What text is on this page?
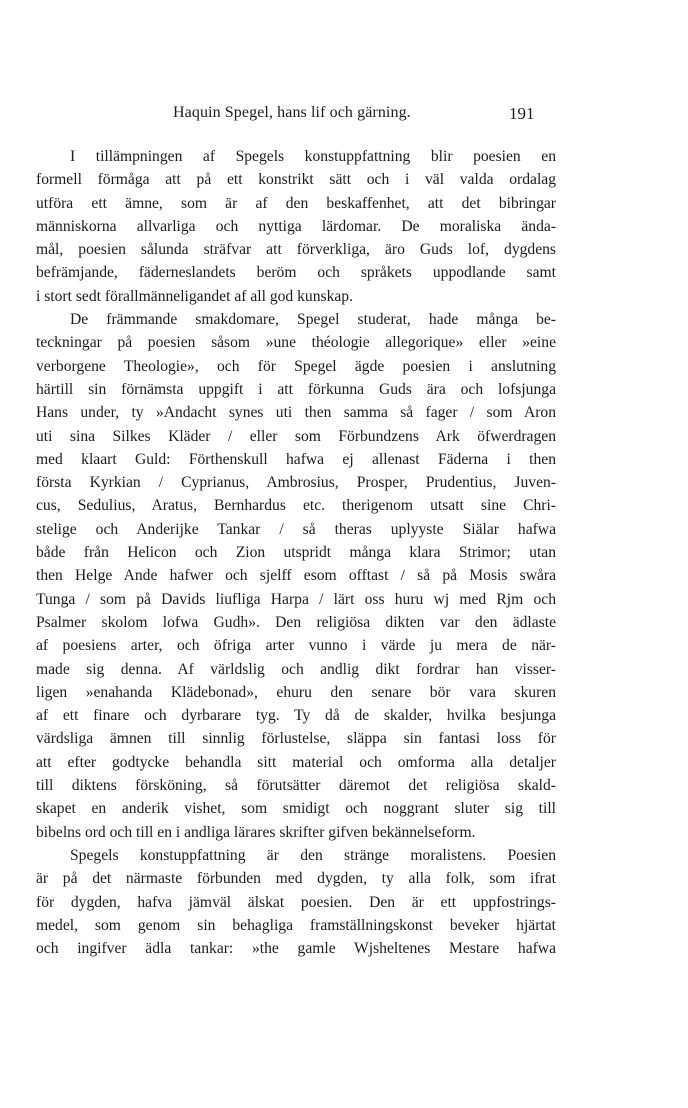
Haquin Spegel, hans lif och gärning.	191
I tillämpningen af Spegels konstuppfattning blir poesien en
formell förmåga att på ett konstrikt sätt och i väl valda ordalag
utföra ett ämne, som är af den beskaffenhet, att det bibringar
människorna allvarliga och nyttiga lärdomar. De moraliska ända-
mål, poesien sålunda sträfvar att förverkliga, äro Guds lof, dygdens
befrämjande, fäderneslandets beröm och språkets uppodlande samt
i stort sedt förallmänneligandet af all god kunskap.
De främmande smakdomare, Spegel studerat, hade många be-
teckningar på poesien såsom »une théologie allegorique» eller »eine
verborgene Theologie», och för Spegel ägde poesien i anslutning
härtill sin förnämsta uppgift i att förkunna Guds ära och lofsjunga
Hans under, ty »Andacht synes uti then samma så fager / som Aron
uti sina Silkes Kläder / eller som Förbundzens Ark öfwerdragen
med klaart Guld: Förthenskull hafwa ej allenast Fäderna i then
första Kyrkian / Cyprianus, Ambrosius, Prosper, Prudentius, Juven-
cus, Sedulius, Aratus, Bernhardus etc. therigenom utsatt sine Chri-
stelige och Anderijke Tankar / så theras uplyyste Siälar hafwa
både från Helicon och Zion utspridt många klara Strimor; utan
then Helge Ande hafwer och sjelff esom offtast / så på Mosis swåra
Tunga / som på Davids liufliga Harpa / lärt oss huru wj med Rjm och
Psalmer skolom lofwa Gudh». Den religiösa dikten var den ädlaste
af poesiens arter, och öfriga arter vunno i värde ju mera de när-
made sig denna. Af världslig och andlig dikt fordrar han visser-
ligen »enahanda Klädebonad», ehuru den senare bör vara skuren
af ett finare och dyrbarare tyg. Ty då de skalder, hvilka besjunga
värdsliga ämnen till sinnlig förlustelse, släppa sin fantasi loss för
att efter godtycke behandla sitt material och omforma alla detaljer
till diktens försköning, så förutsätter däremot det religiösa skald-
skapet en anderik vishet, som smidigt och noggrant sluter sig till
bibelns ord och till en i andliga lärares skrifter gifven bekännelseform.
Spegels konstuppfattning är den stränge moralistens. Poesien
är på det närmaste förbunden med dygden, ty alla folk, som ifrat
för dygden, hafva jämväl älskat poesien. Den är ett uppfostrings-
medel, som genom sin behagliga framställningskonst beveker hjärtat
och ingifver ädla tankar: »the gamle Wjsheltenes Mestare hafwa
